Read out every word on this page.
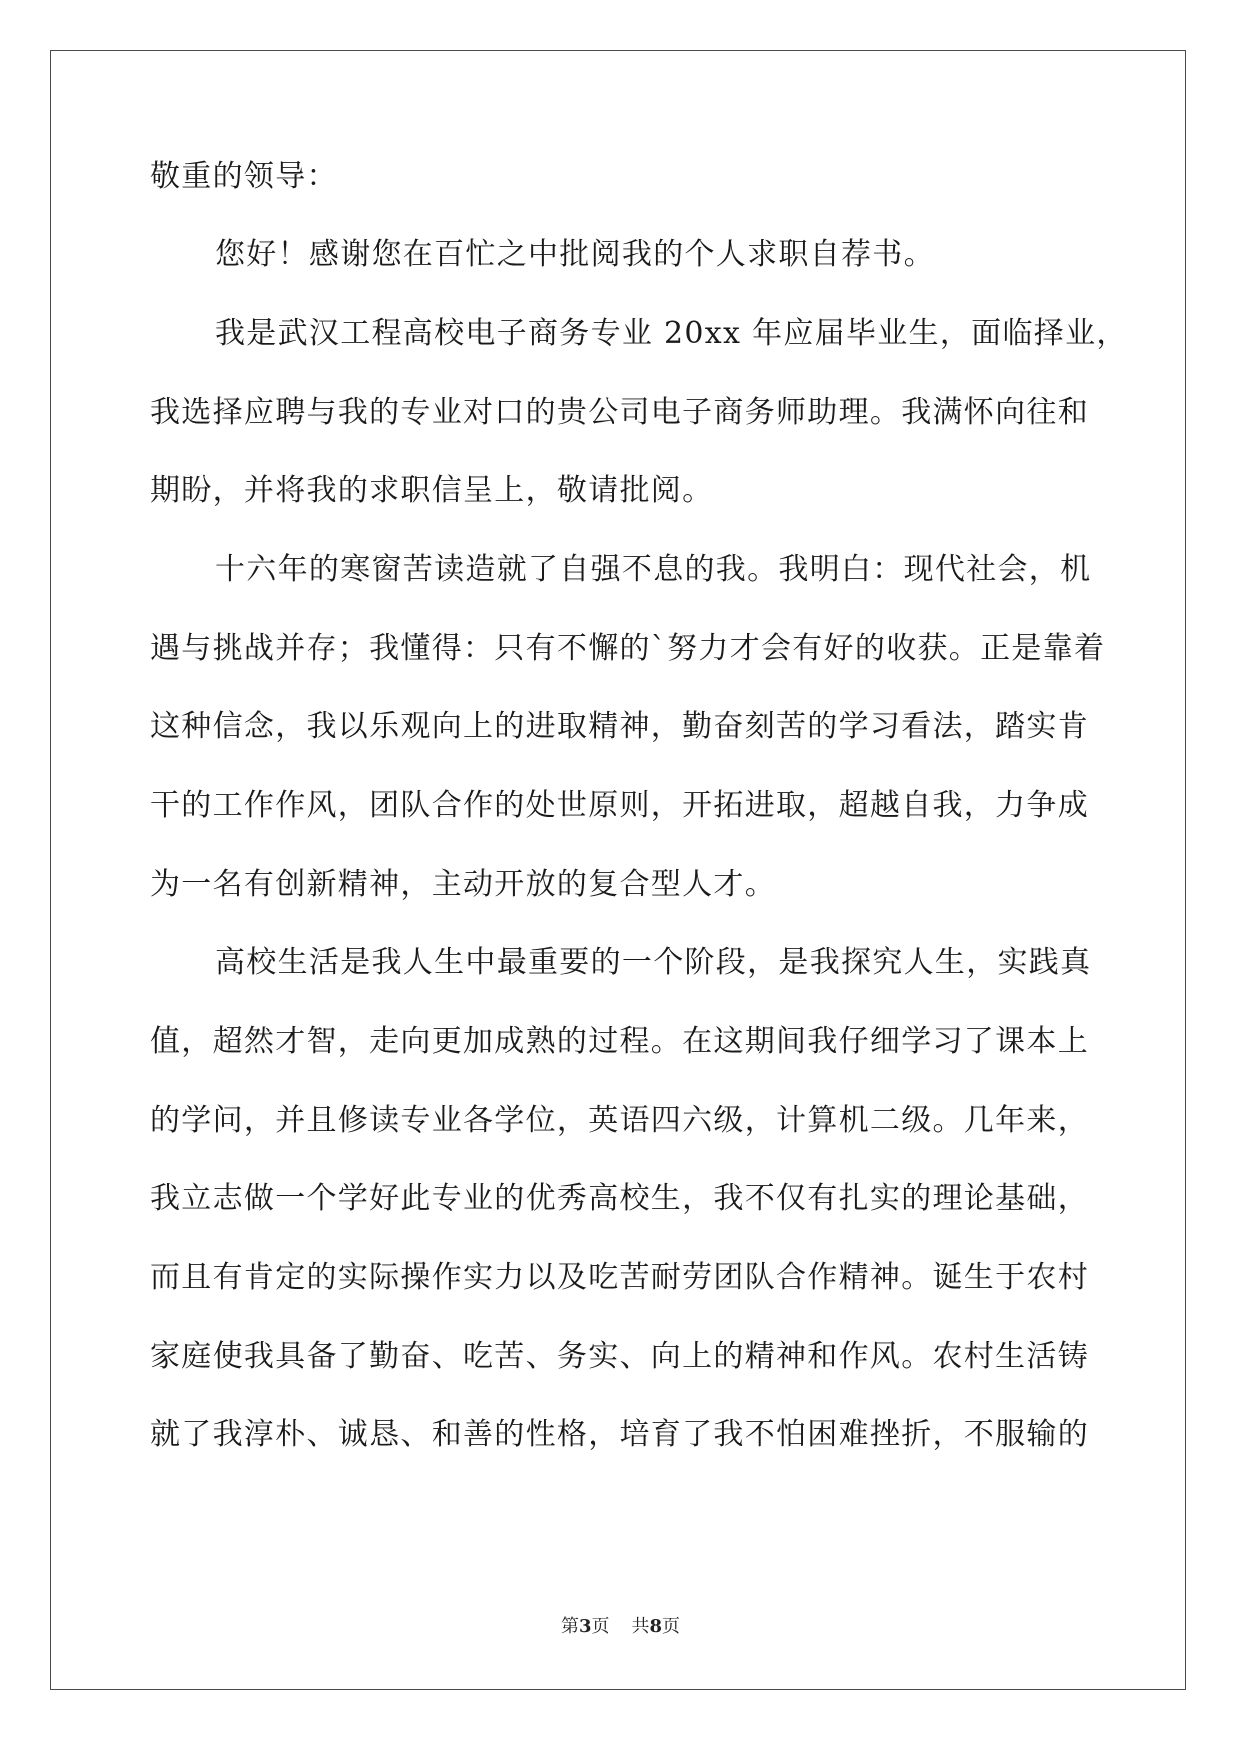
敬重的领导：
您好！感谢您在百忙之中批阅我的个人求职自荐书。
我是武汉工程高校电子商务专业 20xx 年应届毕业生，面临择业，
我选择应聘与我的专业对口的贵公司电子商务师助理。我满怀向往和
期盼，并将我的求职信呈上，敬请批阅。
十六年的寒窗苦读造就了自强不息的我。我明白：现代社会，机
遇与挑战并存；我懂得：只有不懈的`努力才会有好的收获。正是靠着
这种信念，我以乐观向上的进取精神，勤奋刻苦的学习看法，踏实肯
干的工作作风，团队合作的处世原则，开拓进取，超越自我，力争成
为一名有创新精神，主动开放的复合型人才。
高校生活是我人生中最重要的一个阶段，是我探究人生，实践真
值，超然才智，走向更加成熟的过程。在这期间我仔细学习了课本上
的学问，并且修读专业各学位，英语四六级，计算机二级。几年来，
我立志做一个学好此专业的优秀高校生，我不仅有扎实的理论基础，
而且有肯定的实际操作实力以及吃苦耐劳团队合作精神。诞生于农村
家庭使我具备了勤奋、吃苦、务实、向上的精神和作风。农村生活铸
就了我淳朴、诚恳、和善的性格，培育了我不怕困难挫折，不服输的
第3页 共8页
